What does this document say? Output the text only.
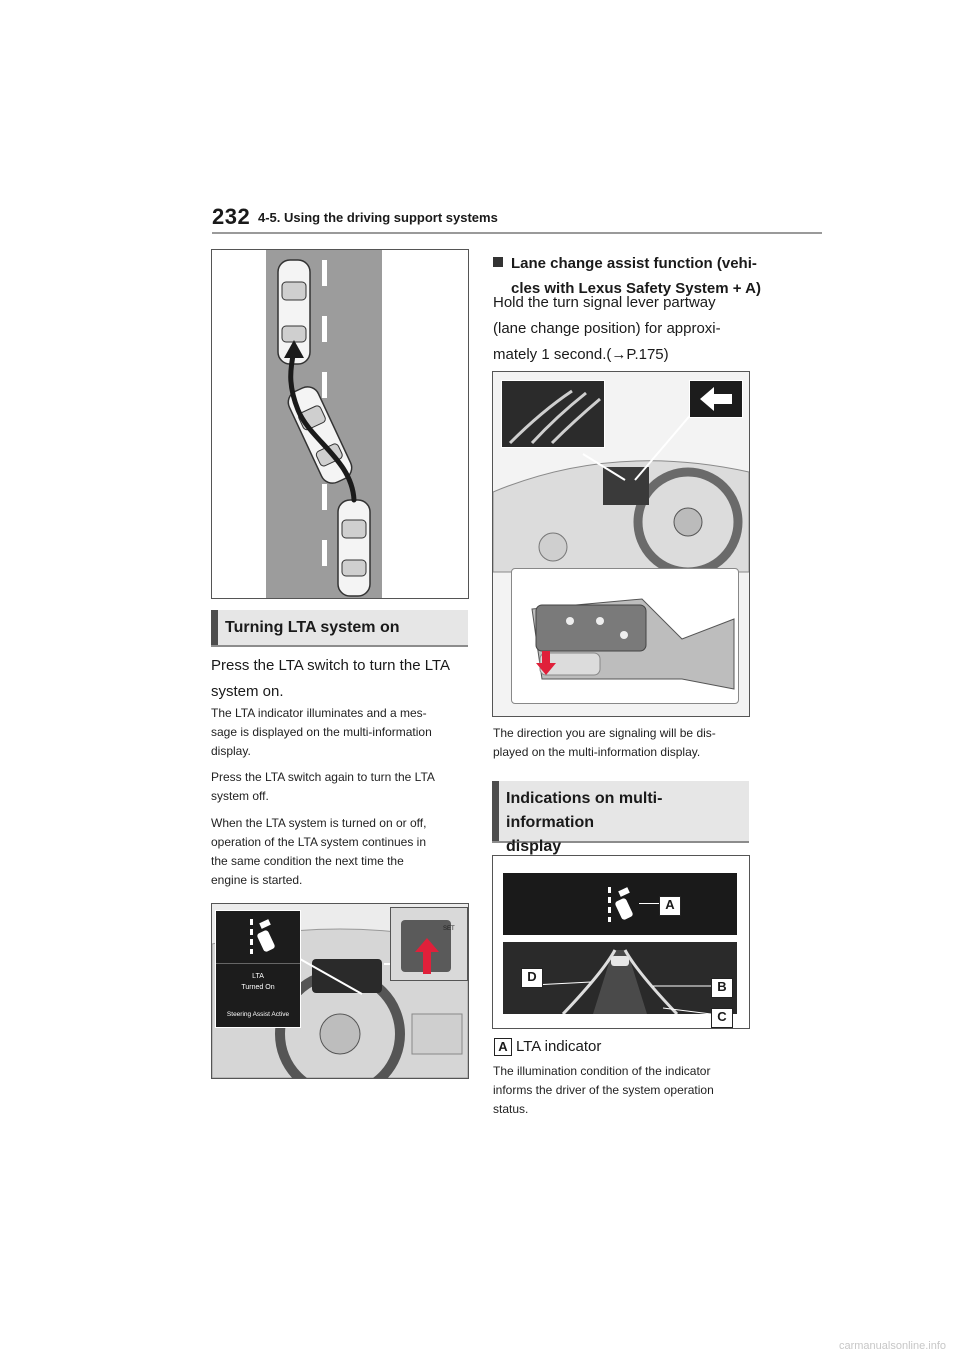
232 4-5. Using the driving support systems
Turning LTA system on
Press the LTA switch to turn the LTA
system on.
The LTA indicator illuminates and a mes-
sage is displayed on the multi-information
display.
Press the LTA switch again to turn the LTA
system off.
When the LTA system is turned on or off,
operation of the LTA system continues in
the same condition the next time the
engine is started.
LTA
Turned On
Steering Assist Active
SET
Lane change assist function (vehi-
cles with Lexus Safety System + A)
Hold the turn signal lever partway
(lane change position) for approxi-
mately 1 second.(→P.175)
The direction you are signaling will be dis-
played on the multi-information display.
Indications on multi-information
display
A
D
B
C
A LTA indicator
The illumination condition of the indicator
informs the driver of the system operation
status.
carmanualsonline.info
